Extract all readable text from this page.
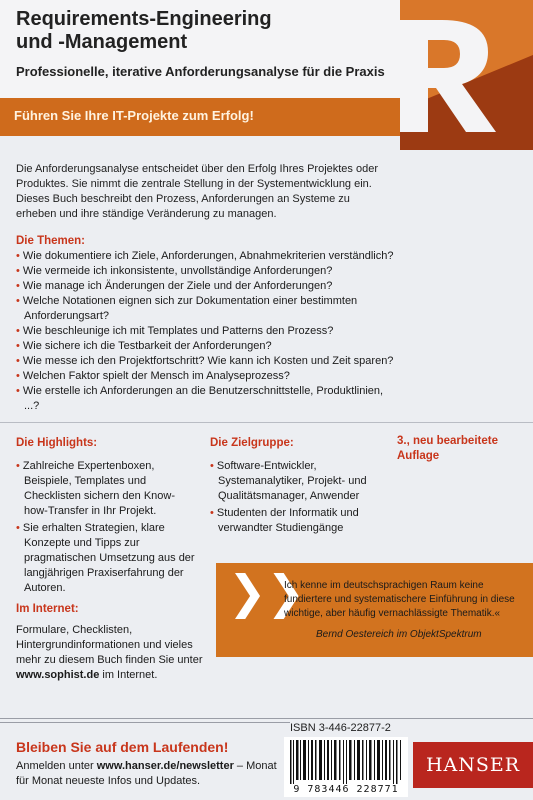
Requirements-Engineering
und -Management
Professionelle, iterative Anforderungsanalyse für die Praxis
Führen Sie Ihre IT-Projekte zum Erfolg!
Die Anforderungsanalyse entscheidet über den Erfolg Ihres Projektes oder Produktes. Sie nimmt die zentrale Stellung in der Systementwicklung ein. Dieses Buch beschreibt den Prozess, Anforderungen an Systeme zu erheben und ihre ständige Veränderung zu managen.
Die Themen:
• Wie dokumentiere ich Ziele, Anforderungen, Abnahmekriterien verständlich?
• Wie vermeide ich inkonsistente, unvollständige Anforderungen?
• Wie manage ich Änderungen der Ziele und der Anforderungen?
• Welche Notationen eignen sich zur Dokumentation einer bestimmten Anforderungsart?
• Wie beschleunige ich mit Templates und Patterns den Prozess?
• Wie sichere ich die Testbarkeit der Anforderungen?
• Wie messe ich den Projektfortschritt? Wie kann ich Kosten und Zeit sparen?
• Welchen Faktor spielt der Mensch im Analyseprozess?
• Wie erstelle ich Anforderungen an die Benutzerschnittstelle, Produktlinien, ...?
Die Highlights:
• Zahlreiche Expertenboxen, Beispiele, Templates und Checklisten sichern den Know-how-Transfer in Ihr Projekt.
• Sie erhalten Strategien, klare Konzepte und Tipps zur pragmatischen Umsetzung aus der langjährigen Praxiserfahrung der Autoren.
Die Zielgruppe:
• Software-Entwickler, Systemanalytiker, Projekt- und Qualitätsmanager, Anwender
• Studenten der Informatik und verwandter Studiengänge
3., neu bearbeitete Auflage
❯❯
Ich kenne im deutschsprachigen Raum keine fundiertere und systematischere Einführung in diese wichtige, aber häufig vernachlässigte Thematik.«
Bernd Oestereich im ObjektSpektrum
Im Internet:
Formulare, Checklisten, Hintergrundinformationen und vieles mehr zu diesem Buch finden Sie unter www.sophist.de im Internet.
ISBN 3-446-22877-2
9 783446 228771
HANSER
Bleiben Sie auf dem Laufenden!
Anmelden unter www.hanser.de/newsletter – Monat für Monat neueste Infos und Updates.
